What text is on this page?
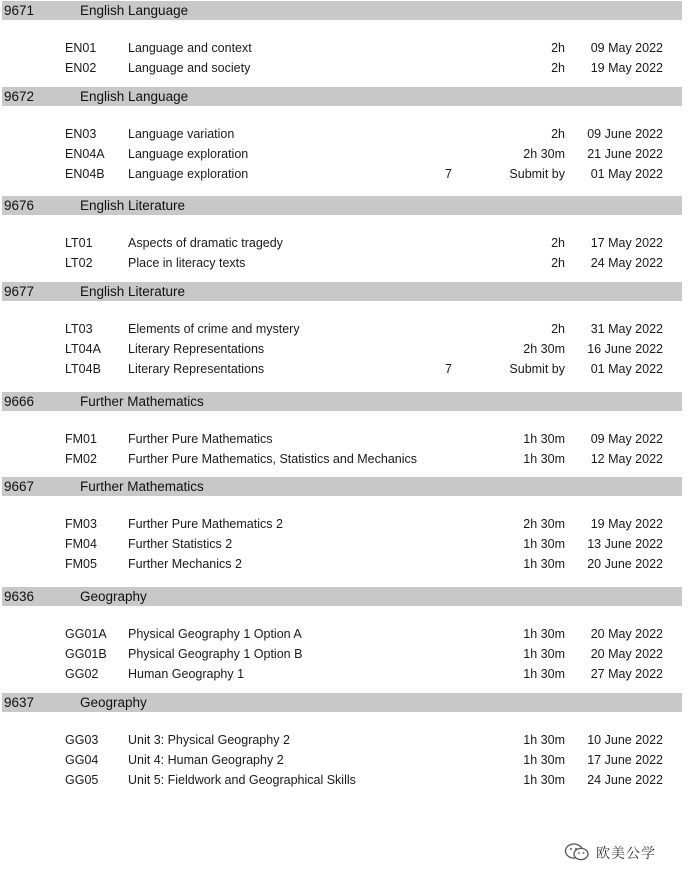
9671	English Language
EN01	Language and context	2h 09 May 2022
EN02	Language and society	2h 19 May 2022
9672	English Language
EN03	Language variation	2h 09 June 2022
EN04A Language exploration	2h 30m 21 June 2022
EN04B Language exploration	7	Submit by 01 May 2022
9676	English Literature
LT01	Aspects of dramatic tragedy	2h 17 May 2022
LT02	Place in literacy texts	2h 24 May 2022
9677	English Literature
LT03	Elements of crime and mystery	2h 31 May 2022
LT04A Literary Representations	2h 30m 16 June 2022
LT04B Literary Representations	7	Submit by 01 May 2022
9666	Further Mathematics
FM01 Further Pure Mathematics	1h 30m 09 May 2022
FM02 Further Pure Mathematics, Statistics and Mechanics	1h 30m 12 May 2022
9667	Further Mathematics
FM03 Further Pure Mathematics 2	2h 30m 19 May 2022
FM04 Further Statistics 2	1h 30m 13 June 2022
FM05 Further Mechanics 2	1h 30m 20 June 2022
9636	Geography
GG01A Physical Geography 1 Option A	1h 30m 20 May 2022
GG01B Physical Geography 1 Option B	1h 30m 20 May 2022
GG02 Human Geography 1	1h 30m 27 May 2022
9637	Geography
GG03 Unit 3: Physical Geography 2	1h 30m 10 June 2022
GG04 Unit 4: Human Geography 2	1h 30m 17 June 2022
GG05 Unit 5: Fieldwork and Geographical Skills	1h 30m 24 June 2022
欧美公学
